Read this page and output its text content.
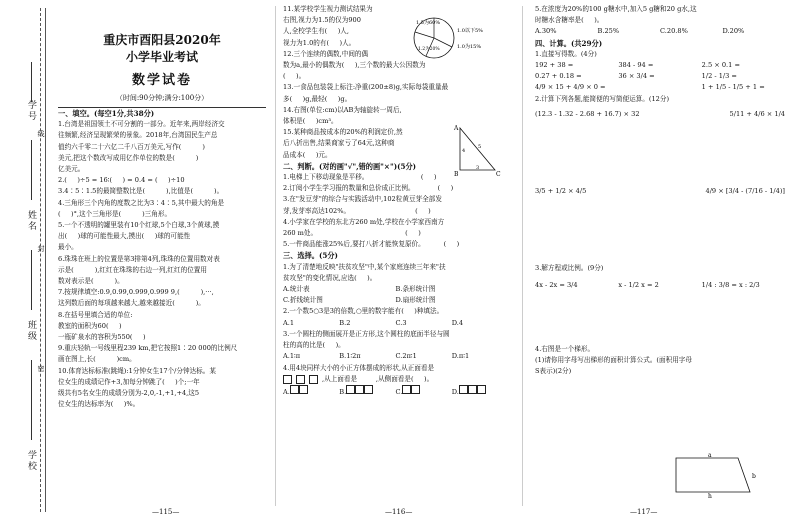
学号
姓名
班级
学校
线
封
密
重庆市酉阳县2020年
小学毕业考试
数学试卷
（时间:90分钟;满分:100分）
一、填空。(每空1分,共38分)
1.台湾是祖国领土不可分割的一部分。近年来,两岸经济交
往频繁,经济呈现繁荣的景象。2018年,台湾国民生产总
值约六千零二十六亿二千八百万美元,写作(          )
美元,把这个数改写成用亿作单位的数是(          )
亿美元。
2.(     )÷5 = 16∶(     ) = 0.4 = (     )÷10
3.4∶5∶1.5的最简整数比是(          ),比值是(          )。
4.三角形三个内角的度数之比为3∶4∶5,其中最大的角是
(     )°,这个三角形是(          )三角形。
5.一个不透明的罐里装有10个红球,5个白球,3个黄球,摸
出(     )球的可能性最大,摸出(     )球的可能性
最小。
6.珠珠在班上的位置是第3排第4列,珠珠的位置用数对表
示是(          ),红红在珠珠的右边一列,红红的位置用
数对表示是(          )。
7.按规律填空:0.9,0.99,0.999,0.999 9,(          ),···,
这列数后面的每项越来越大,越来越接近(          )。
8.在括号里填合适的单位:
教室的面积为60(     )
一瓶矿泉水的容积为550(     )
9.重庆轻轨一号线里程239 km,把它按照1∶20 000的比例尺
画在图上,长(          )cm。
10.体育达标标准(跳绳):1分钟女生17个/分钟达标。某
位女生的成绩记作+3,加每分钟跳了(     )个;一年
级共有5名女生的成绩分别为-2,0,-1,+1,+4,这5
位女生的达标率为(     )%。
—115—
11.某学校学生视力测试结果为
右图,视力为1.5的仅为900
人,全校学生有(     )人,
视力为1.0的有(     )人。
12.三个连续的偶数,中间的偶
数为a,最小的偶数为(     ),三个数的最大公因数为
(     )。
13.一食品包装袋上标注:净重(200±8)g,实际每袋重量最
多(     )g,最轻(     )g。
14.右图(单位:cm)以AB为轴旋转一周后,
体积是(     )cm³。
15.某种商品按成本的20%的利润定价,然
后八折出售,结果商家亏了64元,这种商
品成本(     )元。
二、判断。(对的画"√",错的画"×")(5分)
1.电梯上下移动现象是平移。                         (     )
2.订阅小学生学习报的数量和总价成正比例。           (     )
3.在"发豆芽"的综合与实践活动中,102粒黄豆芽全部发
芽,发芽率高达102%。                               (     )
4.小学家在学校的东北方260 m处,学校在小学家西南方
260 m处。                                          (     )
5.一件商品能涨25%后,要打八折才能恢复原价。         (     )
三、选择。(5分)
1.为了清楚地反映"扶贫攻坚"中,某个家庭连续三年来"扶
贫攻坚"的变化情况,应选(     )。
A.统计表	B.条形统计图
C.折线统计图	D.扇形统计图
2.一个数5○3是3的倍数,○里的数字能有(     )种填法。
A.1	B.2	C.3	D.4
3.一个圆柱的侧面展开是正方形,这个圆柱的底面半径与圆
柱的高的比是(     )。
A.1∶π	B.1∶2π	C.2π∶1	D.π∶1
4.用4块同样大小的小正方体摆成的形状,从正面看是
,从上面看是         ,从侧面看是(     )。
A.	B.	C.	D.
1.5为60%
1.0以下5%
1.0为15%
1.2为20%
A
B	C
3
4
5
—116—
5.在浓度为20%的100 g糖水中,加入5 g糖和20 g水,这
时糖水含糖率是(     )。
A.30%	B.25%	C.20.8%	D.20%
四、计算。(共29分)
1.直接写得数。(4分)
192 + 38 =	384 - 94 =	2.5 × 0.1 =
0.27 + 0.18 =	36 × 3/4 =	1/2 - 1/3 =
4/9 × 15 + 4/9 × 0 =	1 + 1/5 - 1/5 + 1 =
2.计算下列各题,能简便的写简便运算。(12分)
(12.3 - 1.32 - 2.68 + 16.7) × 32	5/11 + 4/6 × 1/4
3/5 + 1/2 × 4/5	4/9 × [3/4 - (7/16 - 1/4)]
3.解方程或比例。(9分)
4x - 2x = 3/4	x - 1/2 x = 2	1/4 : 3/8 = x : 2/3
4.右图是一个梯形。
(1)请你用字母写出梯形的面积计算公式。(面积用字母
S表示)(2分)
a
b
h
—117—
